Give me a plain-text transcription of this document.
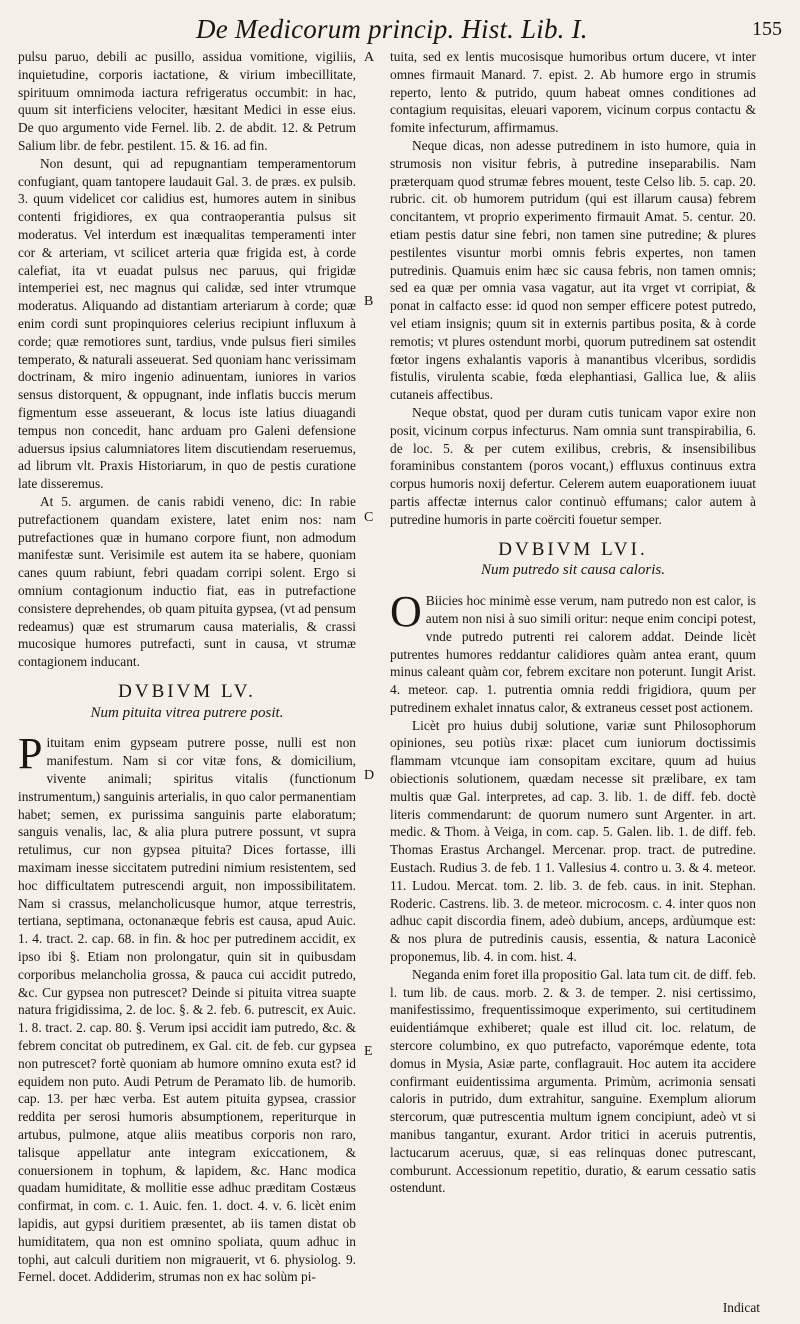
De Medicorum princip. Hist. Lib. I.	155

pulsu paruo, debili ac pusillo, assidua vomitione, vigiliis, inquietudine, corporis iactatione, & virium imbecillitate, spirituum omnimoda iactura refrigeratus occumbit: in hac, quum sit interficiens velociter, hæsitant Medici in esse eius. De quo argumento vide Fernel. lib. 2. de abdit. 12. & Petrum Salium libr. de febr. pestilent. 15. & 16. ad fin.

Non desunt, qui ad repugnantiam temperamentorum confugiant, quam tantopere laudauit Gal. 3. de præs. ex pulsib. 3. quum videlicet cor calidius est, humores autem in sinibus contenti frigidiores, ex qua contraoperantia pulsus sit moderatus. Vel interdum est inæqualitas temperamenti inter cor & arteriam, vt scilicet arteria quæ frigida est, à corde calefiat, ita vt euadat pulsus nec paruus, qui frigidæ intemperiei est, nec magnus qui calidæ, sed inter vtrumque moderatus. Aliquando ad distantiam arteriarum à corde; quæ enim cordi sunt propinquiores celerius recipiunt influxum à corde; quæ remotiores sunt, tardius, vnde pulsus fieri similes temperato, & naturali asseuerat. Sed quoniam hanc verissimam doctrinam, & miro ingenio adinuentam, iuniores in varios sensus distorquent, & oppugnant, inde inflatis buccis merum figmentum esse asseuerant, & locus iste latius diuagandi tempus non concedit, hanc arduam pro Galeni defensione aduersus ipsius calumniatores litem discutiendam reseruemus, ad librum vlt. Praxis Historiarum, in quo de pestis curatione late disseremus.

At 5. argumen. de canis rabidi veneno, dic: In rabie putrefactionem quandam existere, latet enim nos: nam putrefactiones quæ in humano corpore fiunt, non admodum manifestæ sunt. Verisimile est autem ita se habere, quoniam canes quum rabiunt, febri quadam corripi solent. Ergo si omnium contagionum inductio fiat, eas in putrefactione consistere deprehendes, ob quam pituita gypsea, (vt ad pensum redeamus) quæ est strumarum causa materialis, & crassi mucosique humores putrefacti, sunt in causa, vt strumæ contagionem inducant.

DVBIVM LV.
Num pituita vitrea putrere posit.

Pituitam enim gypseam putrere posse, nulli est non manifestum. Nam si cor vitæ fons, & domicilium, vivente animali; spiritus vitalis (functionum instrumentum,) sanguinis arterialis, in quo calor permanentiam habet; semen, ex purissima sanguinis parte elaboratum; sanguis venalis, lac, & alia plura putrere possunt, vt supra retulimus, cur non gypsea pituita? Dices fortasse, illi maximam inesse siccitatem putredini nimium resistentem, sed hoc difficultatem putrescendi arguit, non impossibilitatem. Nam si crassus, melancholicusque humor, atque terrestris, tertiana, septimana, octonanæque febris est causa, apud Auic. 1. 4. tract. 2. cap. 68. in fin. & hoc per putredinem accidit, ex ipso ibi §. Etiam non prolongatur, quin sit in quibusdam corporibus melancholia grossa, & pauca cui accidit putredo, &c. Cur gypsea non putrescet? Deinde si pituita vitrea suapte natura frigidissima, 2. de loc. §. & 2. feb. 6. putrescit, ex Auic. 1. 8. tract. 2. cap. 80. §. Verum ipsi accidit iam putredo, &c. & febrem concitat ob putredinem, ex Gal. cit. de feb. cur gypsea non putrescet? fortè quoniam ab humore omnino exuta est? id equidem non puto. Audi Petrum de Peramato lib. de humorib. cap. 13. per hæc verba. Est autem pituita gypsea, crassior reddita per serosi humoris absumptionem, reperiturque in artubus, pulmone, atque aliis meatibus corporis non raro, talisque appellatur ante integram exiccationem, & conuersionem in tophum, & lapidem, &c. Hanc modica quadam humiditate, & mollitie esse adhuc præditam Costæus confirmat, in com. c. 1. Auic. fen. 1. doct. 4. v. 6. licèt enim lapidis, aut gypsi duritiem præsentet, ab iis tamen distat ob humiditatem, qua non est omnino spoliata, quum adhuc in tophi, aut calculi duritiem non migrauerit, vt 6. physiolog. 9. Fernel. docet. Addiderim, strumas non ex hac solùm pi-

A
B
C
D
E

tuita, sed ex lentis mucosisque humoribus ortum ducere, vt inter omnes firmauit Manard. 7. epist. 2. Ab humore ergo in strumis reperto, lento & putrido, quum habeat omnes conditiones ad contagium requisitas, eleuari vaporem, vicinum corpus contactu & fomite infecturum, affirmamus.

Neque dicas, non adesse putredinem in isto humore, quia in strumosis non visitur febris, à putredine inseparabilis. Nam præterquam quod strumæ febres mouent, teste Celso lib. 5. cap. 20. rubric. cit. ob humorem putridum (qui est illarum causa) febrem concitantem, vt proprio experimento firmauit Amat. 5. centur. 20. etiam pestis datur sine febri, non tamen sine putredine; & plures pestilentes visuntur morbi omnis febris expertes, non tamen putredinis. Quamuis enim hæc sic causa febris, non tamen omnis; sed ea quæ per omnia vasa vagatur, aut ita vrget vt corripiat, & ponat in calfacto esse: id quod non semper efficere potest putredo, vel etiam insignis; quum sit in externis partibus posita, & à corde remotis; vt plures ostendunt morbi, quorum putredinem sat ostendit fœtor ingens exhalantis vaporis à manantibus vlceribus, sordidis fistulis, virulenta scabie, fœda elephantiasi, Gallica lue, & aliis cutaneis affectibus.

Neque obstat, quod per duram cutis tunicam vapor exire non posit, vicinum corpus infecturus. Nam omnia sunt transpirabilia, 6. de loc. 5. & per cutem exilibus, crebris, & insensibilibus foraminibus constantem (poros vocant,) effluxus continuus extra corpus humoris noxij defertur. Celerem autem euaporationem iuuat partis affectæ internus calor continuò effumans; calor autem à putredine humoris in parte coërciti fouetur semper.

DVBIVM LVI.
Num putredo sit causa caloris.

O Biicies hoc minimè esse verum, nam putredo non est calor, is autem non nisi à suo simili oritur: neque enim concipi potest, vnde putredo putrenti rei calorem addat. Deinde licèt putrentes humores reddantur calidiores quàm antea erant, quum minus caleant quàm cor, febrem excitare non poterunt. Iungit Arist. 4. meteor. cap. 1. putrentia omnia reddi frigidiora, quum per putredinem exhalet innatus calor, & extraneus cesset post actionem.

Licèt pro huius dubij solutione, variæ sunt Philosophorum opiniones, seu potiùs rixæ: placet cum iuniorum doctissimis flammam vtcunque iam consopitam excitare, quum ad huius obiectionis solutionem, quædam necesse sit prælibare, ex tam multis quæ Gal. interpretes, ad cap. 3. lib. 1. de diff. feb. doctè literis commendarunt: de quorum numero sunt Argenter. in art. medic. & Thom. à Veiga, in com. cap. 5. Galen. lib. 1. de diff. feb. Thomas Erastus Archangel. Mercenar. prop. tract. de putredine. Eustach. Rudius 3. de feb. 1 1. Vallesius 4. contro u. 3. & 4. meteor. 11. Ludou. Mercat. tom. 2. lib. 3. de feb. caus. in init. Stephan. Roderic. Castrens. lib. 3. de meteor. microcosm. c. 4. inter quos non adhuc capit discordia finem, adeò dubium, anceps, ardùumque est: & nos plura de putredinis causis, essentia, & natura Laconicè proponemus, lib. 4. in com. hist. 4.

Neganda enim foret illa propositio Gal. lata tum cit. de diff. feb. l. tum lib. de caus. morb. 2. & 3. de temper. 2. nisi certissimo, manifestissimo, frequentissimoque experimento, sui certitudinem euidentiámque exhiberet; quale est illud cit. loc. relatum, de stercore columbino, ex quo putrefacto, vaporémque edente, tota domus in Mysia, Asiæ parte, conflagrauit. Hoc autem ita accidere confirmant euidentissima argumenta. Primùm, acrimonia sensati caloris in putrido, dum extrahitur, sanguine. Exemplum aliorum stercorum, quæ putrescentia multum ignem concipiunt, adeò vt si manibus tangantur, exurant. Ardor tritici in aceruis putrentis, lactucarum aceruus, quæ, si eas relinquas donec putrescant, comburunt. Accessionum repetitio, duratio, & earum cessatio satis ostendunt.

Indicat
